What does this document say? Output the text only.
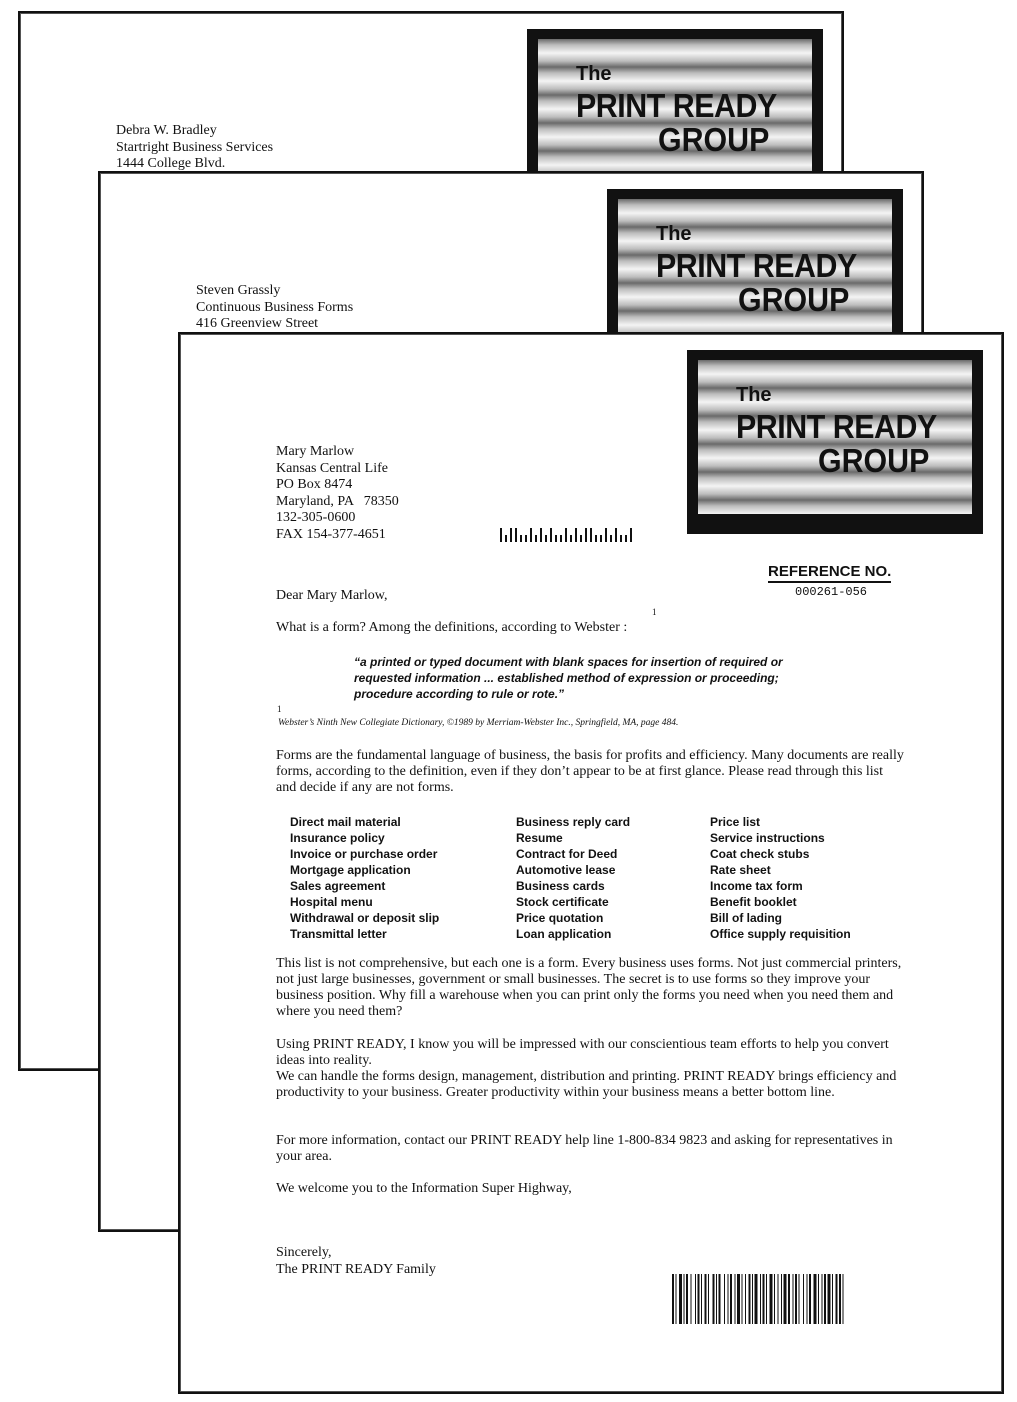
The
PRINT READY
GROUP
Debra W. Bradley
Startright Business Services
1444 College Blvd.
The
PRINT READY
GROUP
Steven Grassly
Continuous Business Forms
416 Greenview Street
The
PRINT READY
GROUP
Mary Marlow
Kansas Central Life
PO Box 8474
Maryland, PA   78350
132-305-0600
FAX 154-377-4651
REFERENCE NO.
000261-056
Dear Mary Marlow,
1
What is a form? Among the definitions, according to Webster :
“a printed or typed document with blank spaces for insertion of required or requested information ... established method of expression or proceeding; procedure according to rule or rote.”
1
Webster’s Ninth New Collegiate Dictionary, ©1989 by Merriam-Webster Inc., Springfield, MA, page 484.
Forms are the fundamental language of business, the basis for profits and efficiency. Many documents are really forms, according to the definition, even if they don’t appear to be at first glance. Please read through this list and decide if any are not forms.
Direct mail material
Insurance policy
Invoice or purchase order
Mortgage application
Sales agreement
Hospital menu
Withdrawal or deposit slip
Transmittal letter
Business reply card
Resume
Contract for Deed
Automotive lease
Business cards
Stock certificate
Price quotation
Loan application
Price list
Service instructions
Coat check stubs
Rate sheet
Income tax form
Benefit booklet
Bill of lading
Office supply requisition
This list is not comprehensive, but each one is a form. Every business uses forms. Not just commercial printers, not just large businesses, government or small businesses. The secret is to use forms so they improve your business position. Why fill a warehouse when you can print only the forms you need when you need them and where you need them?
Using PRINT READY, I know you will be impressed with our conscientious team efforts to help you convert ideas into reality.
We can handle the forms design, management, distribution and printing. PRINT READY brings efficiency and productivity to your business. Greater productivity within your business means a better bottom line.
For more information, contact our PRINT READY help line 1-800-834 9823 and asking for representatives in your area.
We welcome you to the Information Super Highway,
Sincerely,
The PRINT READY Family
